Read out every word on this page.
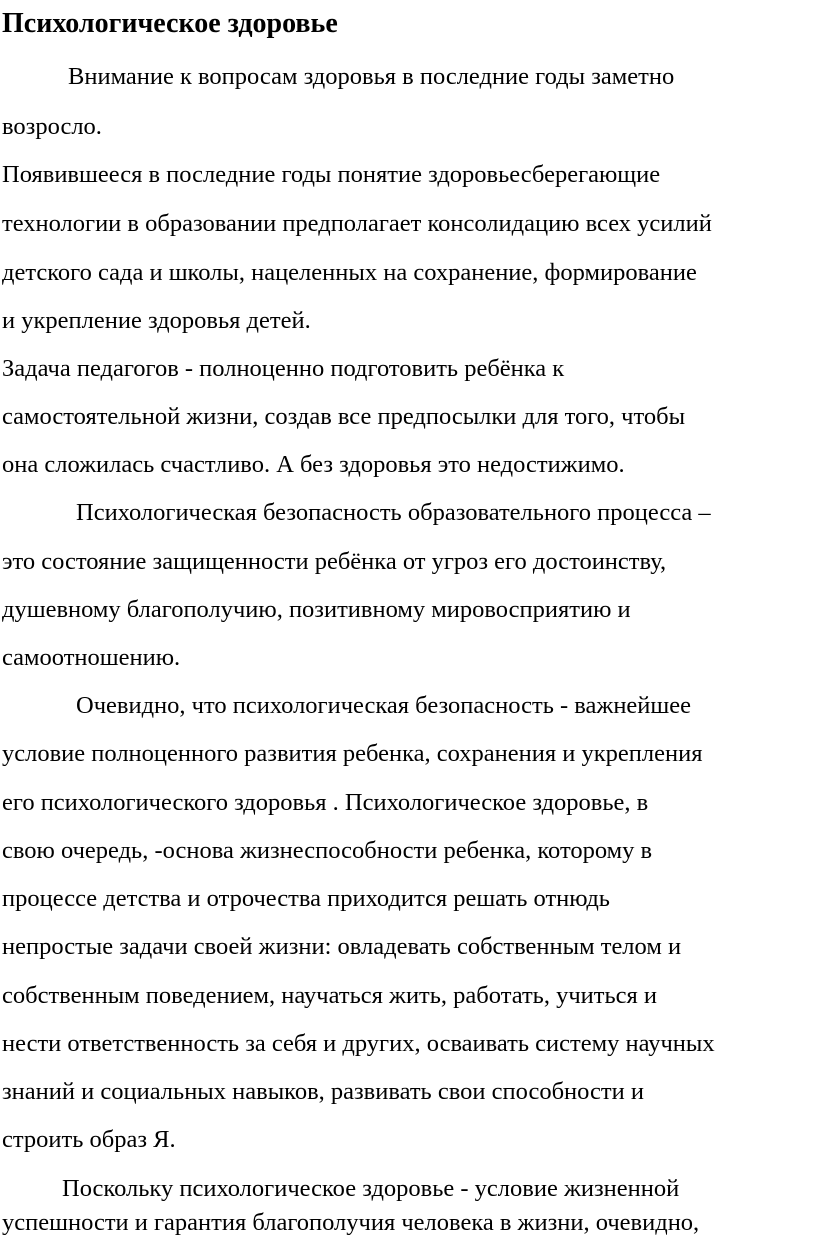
Психологическое здоровье

Внимание к вопросам здоровья в последние годы заметно

возросло.

Появившееся в последние годы понятие здоровьесберегающие

технологии в образовании предполагает консолидацию всех усилий

детского сада и школы, нацеленных на сохранение, формирование

и укрепление здоровья детей.

Задача педагогов - полноценно подготовить ребёнка к

самостоятельной жизни, создав все предпосылки для того, чтобы

она сложилась счастливо. А без здоровья это недостижимо.

Психологическая безопасность образовательного процесса –

это состояние защищенности ребёнка от угроз его достоинству,

душевному благополучию, позитивному мировосприятию и

самоотношению.

Очевидно, что психологическая безопасность - важнейшее

условие полноценного развития ребенка, сохранения и укрепления

его психологического здоровья . Психологическое здоровье, в

свою очередь, -основа жизнеспособности ребенка, которому в

процессе детства и отрочества приходится решать отнюдь

непростые задачи своей жизни: овладевать собственным телом и

собственным поведением, научаться жить, работать, учиться и

нести ответственность за себя и других, осваивать систему научных

знаний и социальных навыков, развивать свои способности и

строить образ Я.

Поскольку психологическое здоровье - условие жизненной

успешности и гарантия благополучия человека в жизни, очевидно,
